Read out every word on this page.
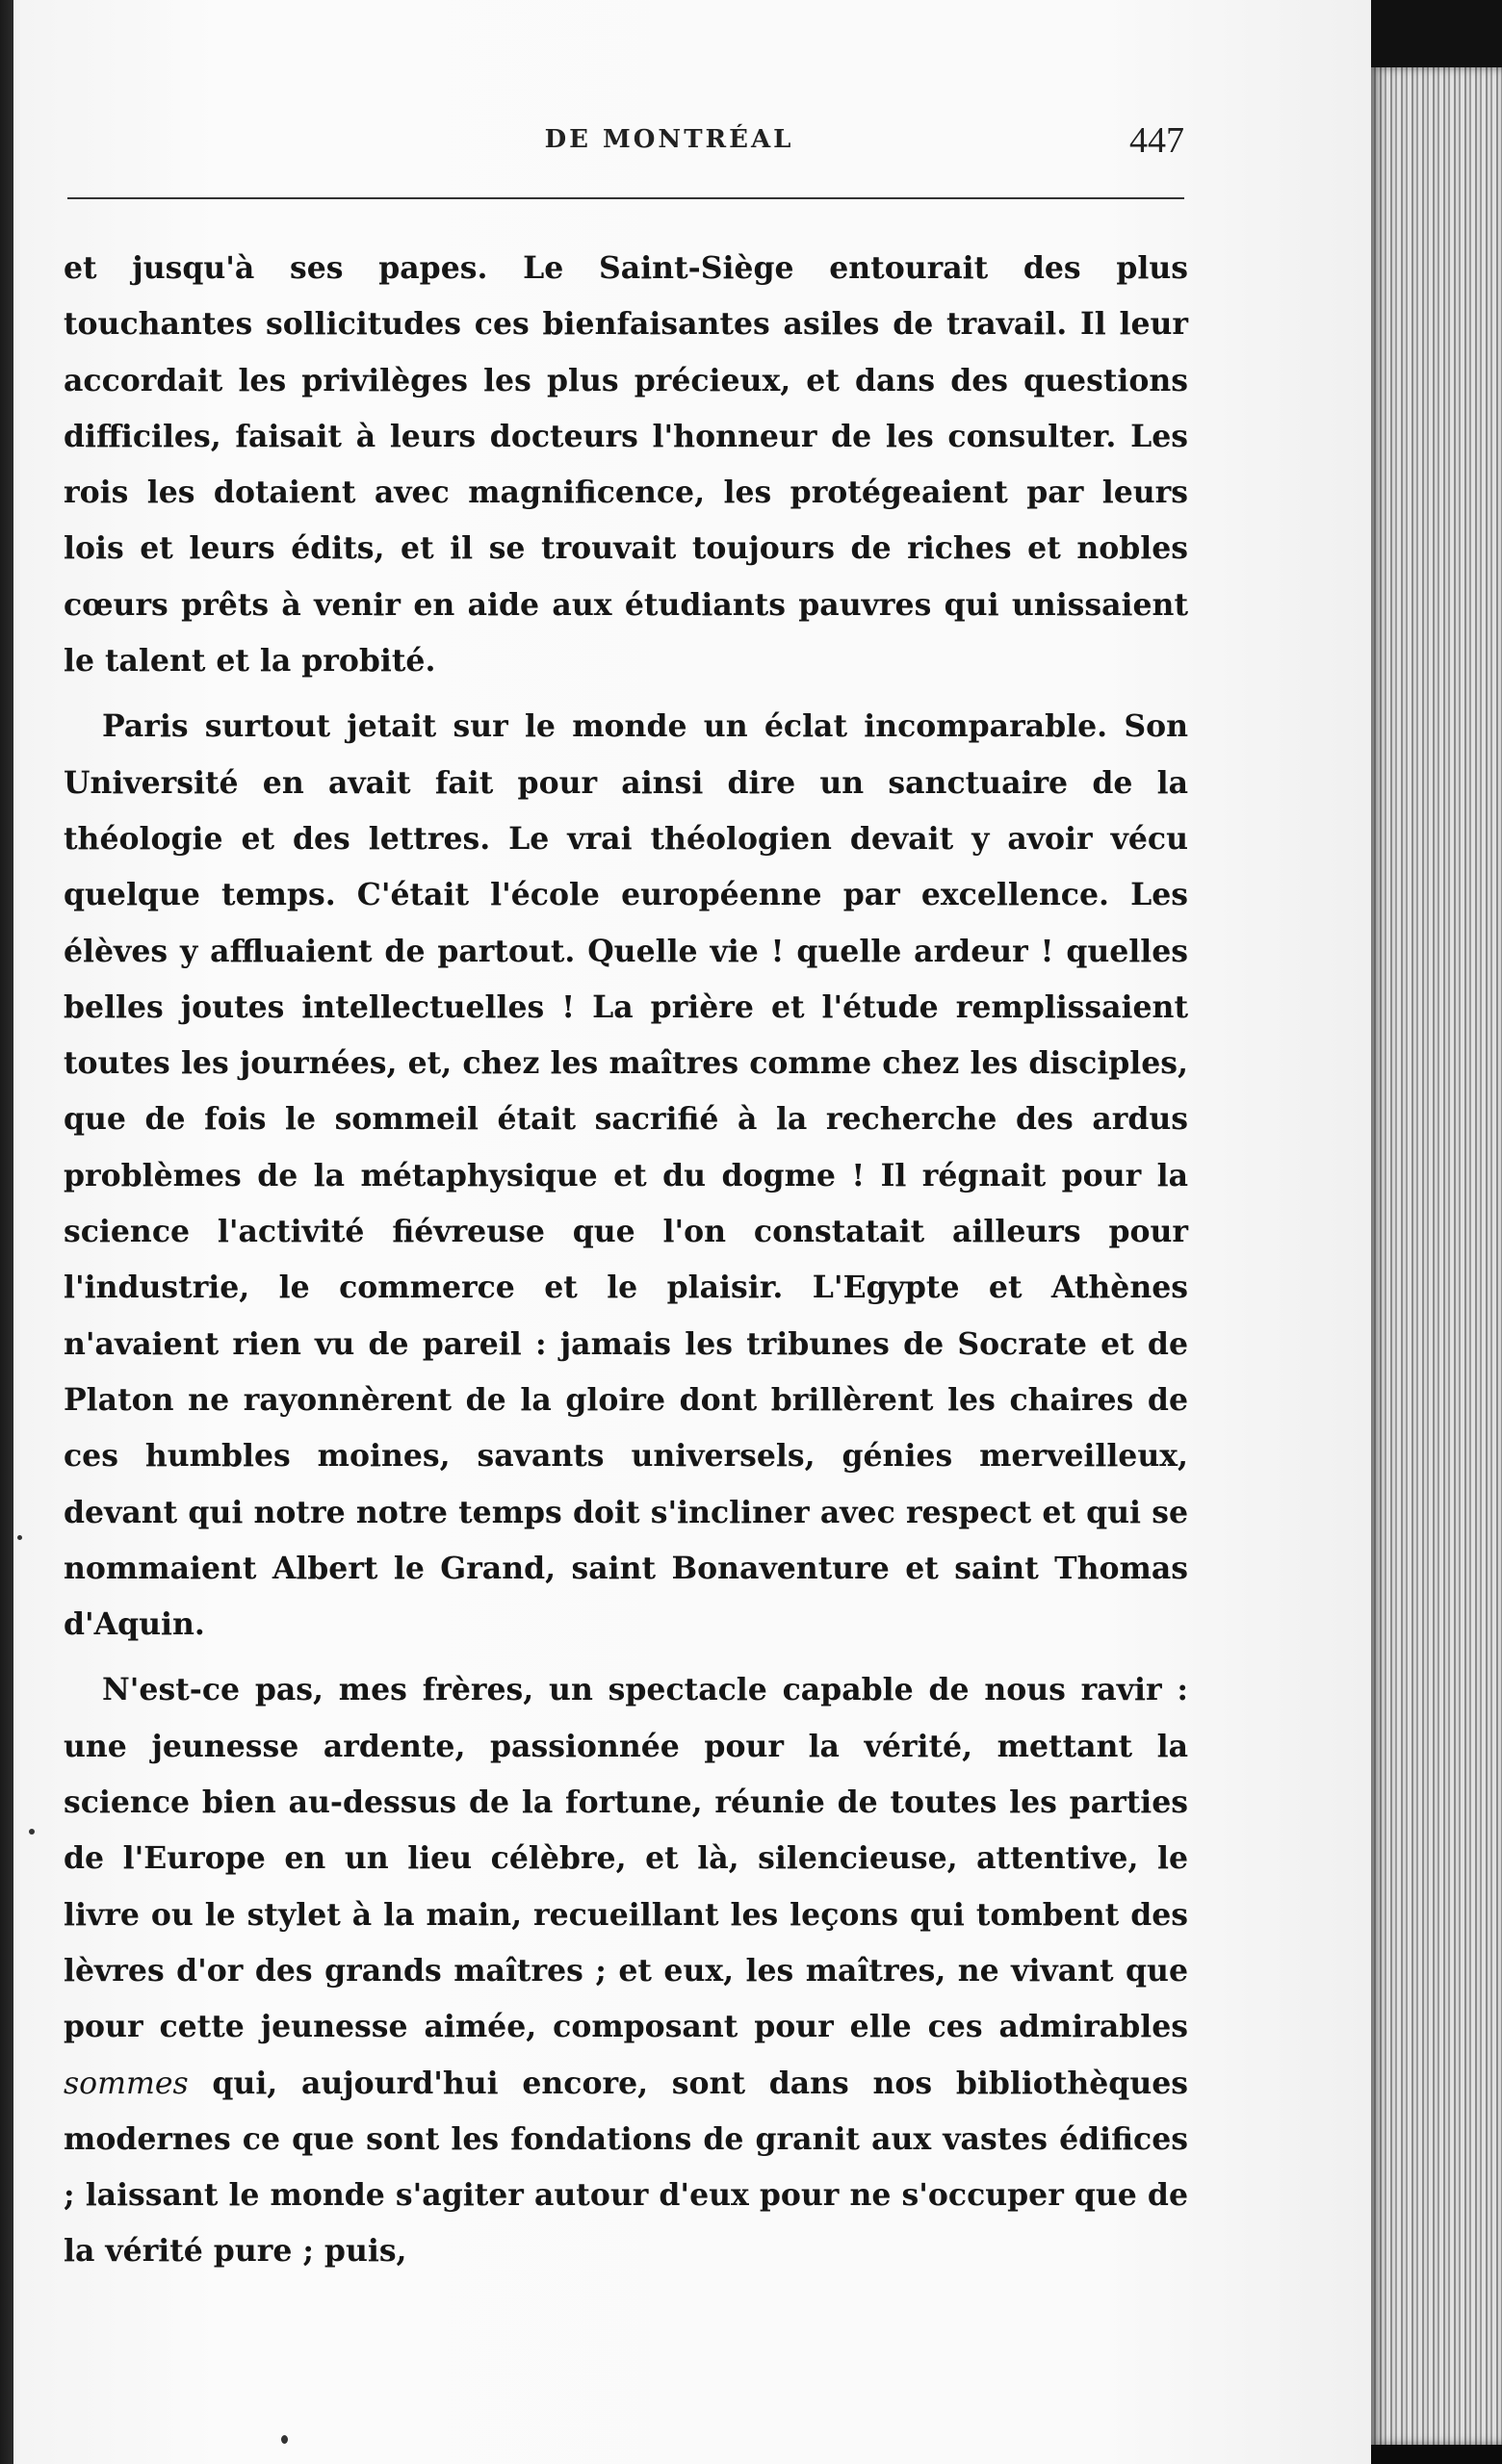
DE MONTRÉAL	447

et jusqu'à ses papes. Le Saint-Siège entourait des plus touchantes sollicitudes ces bienfaisantes asiles de travail. Il leur accordait les privilèges les plus précieux, et dans des questions difficiles, faisait à leurs docteurs l'honneur de les consulter. Les rois les dotaient avec magnificence, les protégeaient par leurs lois et leurs édits, et il se trouvait toujours de riches et nobles cœurs prêts à venir en aide aux étudiants pauvres qui unissaient le talent et la probité.

Paris surtout jetait sur le monde un éclat incomparable. Son Université en avait fait pour ainsi dire un sanctuaire de la théologie et des lettres. Le vrai théologien devait y avoir vécu quelque temps. C'était l'école européenne par excellence. Les élèves y affluaient de partout. Quelle vie ! quelle ardeur ! quelles belles joutes intellectuelles ! La prière et l'étude remplissaient toutes les journées, et, chez les maîtres comme chez les disciples, que de fois le sommeil était sacrifié à la recherche des ardus problèmes de la métaphysique et du dogme ! Il régnait pour la science l'activité fiévreuse que l'on constatait ailleurs pour l'industrie, le commerce et le plaisir. L'Egypte et Athènes n'avaient rien vu de pareil : jamais les tribunes de Socrate et de Platon ne rayonnèrent de la gloire dont brillèrent les chaires de ces humbles moines, savants universels, génies merveilleux, devant qui notre notre temps doit s'incliner avec respect et qui se nommaient Albert le Grand, saint Bonaventure et saint Thomas d'Aquin.

N'est-ce pas, mes frères, un spectacle capable de nous ravir : une jeunesse ardente, passionnée pour la vérité, mettant la science bien au-dessus de la fortune, réunie de toutes les parties de l'Europe en un lieu célèbre, et là, silencieuse, attentive, le livre ou le stylet à la main, recueillant les leçons qui tombent des lèvres d'or des grands maîtres ; et eux, les maîtres, ne vivant que pour cette jeunesse aimée, composant pour elle ces admirables sommes qui, aujourd'hui encore, sont dans nos bibliothèques modernes ce que sont les fondations de granit aux vastes édifices ; laissant le monde s'agiter autour d'eux pour ne s'occuper que de la vérité pure ; puis,
